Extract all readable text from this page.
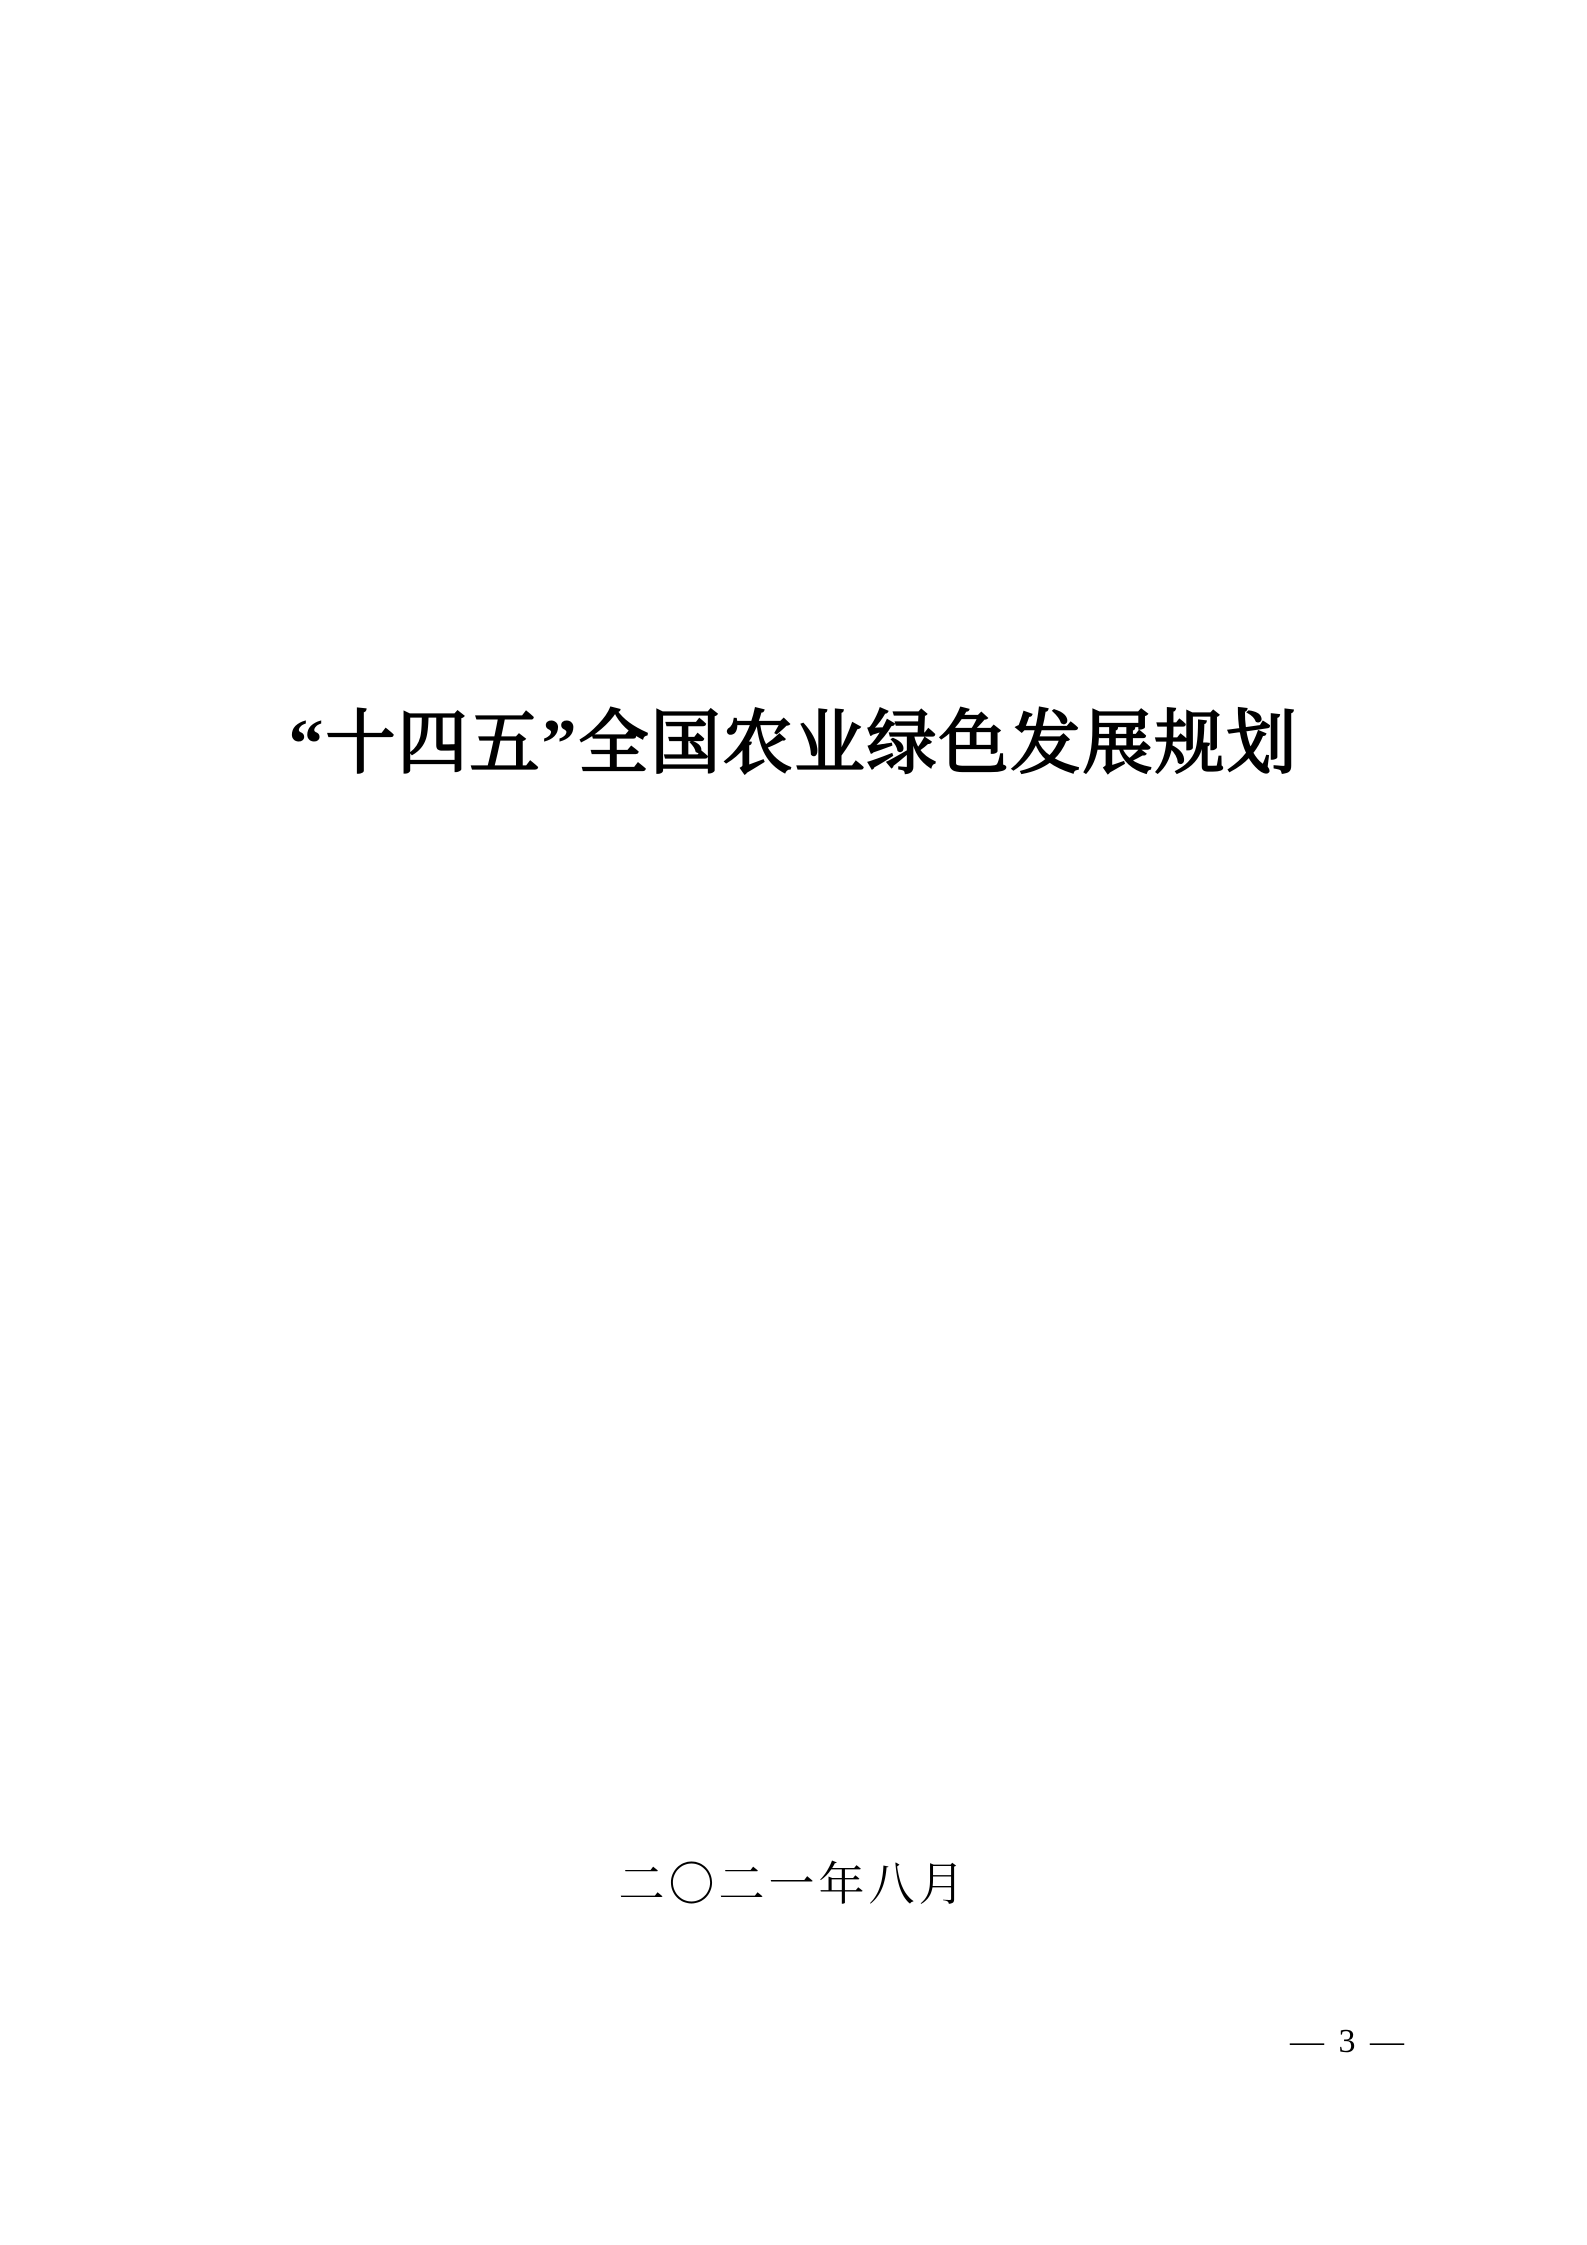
“十四五”全国农业绿色发展规划
二〇二一年八月
— 3 —
